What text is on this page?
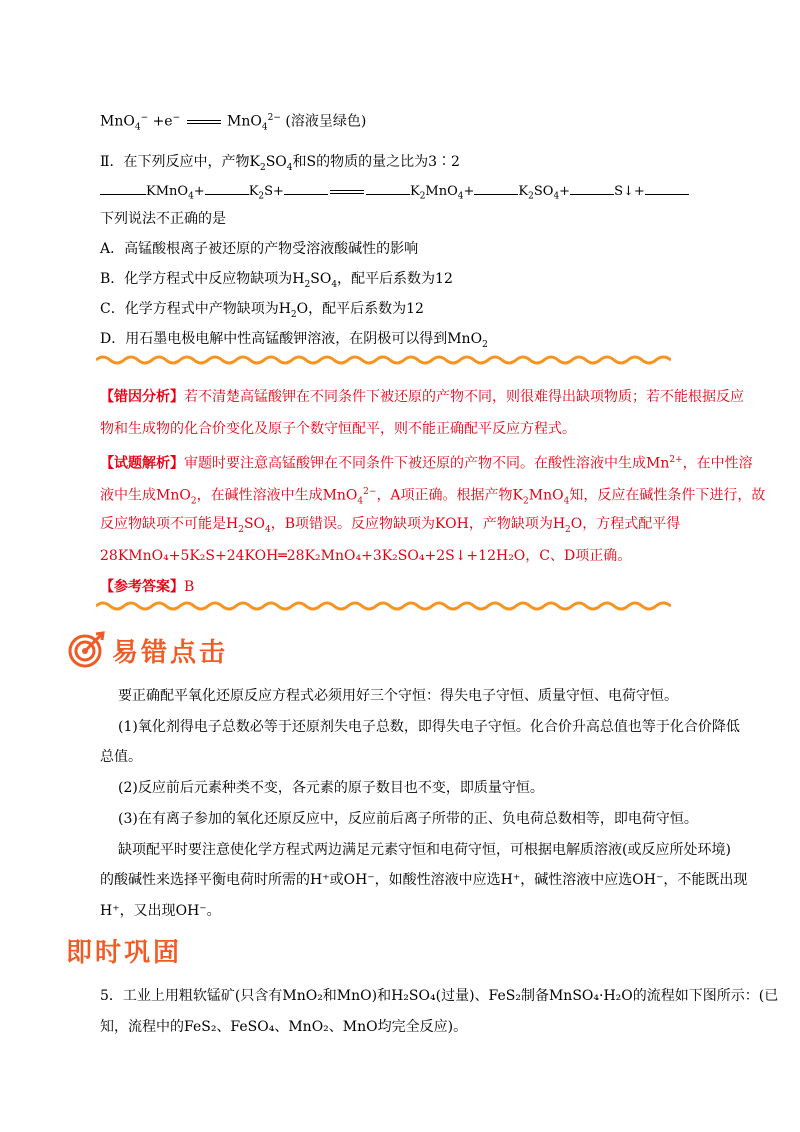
MnO$_4$− +e−	MnO$_4^{2-}$ (溶液呈绿色)
Ⅱ．在下列反应中，产物$K_2SO_4$和S的物质的量之比为3∶2
KMnO$_4$+	$K_2S+$	$K_2MnO_4+$	$K_2SO_4+$	S↓+
下列说法不正确的是
A．高锰酸根离子被还原的产物受溶液酸碱性的影响
B．化学方程式中反应物缺项为$H_2SO_4$，配平后系数为12
C．化学方程式中产物缺项为$H_2O$，配平后系数为12
D．用石墨电极电解中性高锰酸钾溶液，在阴极可以得到MnO$_2$
【错因分析】若不清楚高锰酸钾在不同条件下被还原的产物不同，则很难得出缺项物质；若不能根据反应
物和生成物的化合价变化及原子个数守恒配平，则不能正确配平反应方程式。
【试题解析】审题时要注意高锰酸钾在不同条件下被还原的产物不同。在酸性溶液中生成$Mn^{2+}$，在中性溶
液中生成MnO$_2$，在碱性溶液中生成MnO$_4^{2-}$，A项正确。根据产物$K_2MnO_4$知，反应在碱性条件下进行，故
反应物缺项不可能是$H_2SO_4$，B项错误。反应物缺项为KOH，产物缺项为$H_2O$，方程式配平得
28KMnO₄+5K₂S+24KOH═28K₂MnO₄+3K₂SO₄+2S↓+12H₂O，C、D项正确。
【参考答案】B
易错点击
要正确配平氧化还原反应方程式必须用好三个守恒：得失电子守恒、质量守恒、电荷守恒。
(1)氧化剂得电子总数必等于还原剂失电子总数，即得失电子守恒。化合价升高总值也等于化合价降低
总值。
(2)反应前后元素种类不变，各元素的原子数目也不变，即质量守恒。
(3)在有离子参加的氧化还原反应中，反应前后离子所带的正、负电荷总数相等，即电荷守恒。
缺项配平时要注意使化学方程式两边满足元素守恒和电荷守恒，可根据电解质溶液(或反应所处环境)
的酸碱性来选择平衡电荷时所需的H⁺或OH⁻，如酸性溶液中应选H⁺，碱性溶液中应选OH⁻，不能既出现
H⁺，又出现OH⁻。
即时巩固
5．工业上用粗软锰矿(只含有MnO₂和MnO)和H₂SO₄(过量)、FeS₂制备MnSO₄·H₂O的流程如下图所示：(已
知，流程中的FeS₂、FeSO₄、MnO₂、MnO均完全反应)。
